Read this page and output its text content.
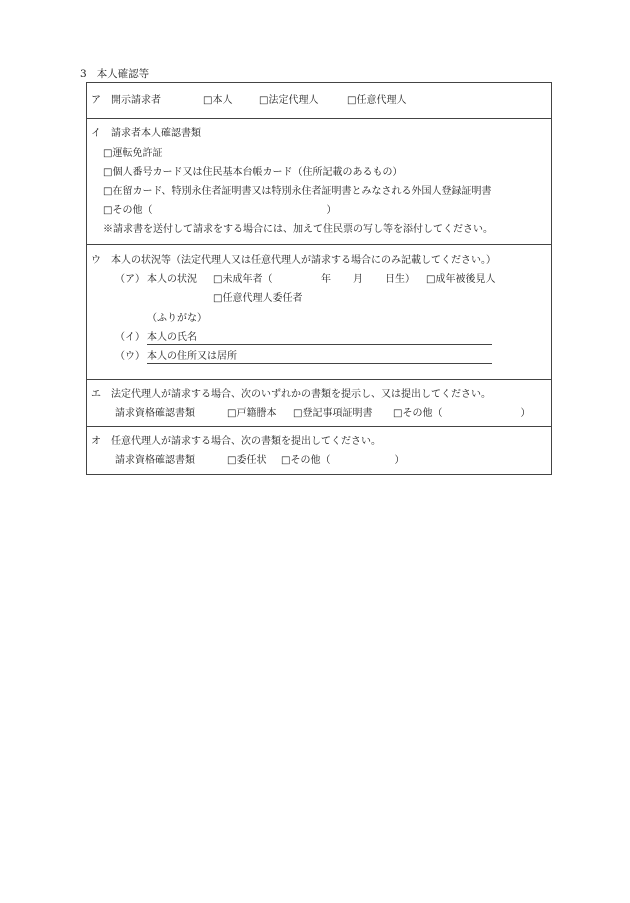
3 本人確認等
ア 開示請求者 □	本人 □	法定代理人 □	任意代理人
イ 請求者本人確認書類
□ 運転免許証
□ 個人番号カード又は住民基本台帳カード（住所記載のあるもの）
□ 在留カード、特別永住者証明書又は特別永住者証明書とみなされる外国人登録証明書
□ その他（	）
※請求書を送付して請求をする場合には、加えて住民票の写し等を添付してください。
ウ 本人の状況等（法定代理人又は任意代理人が請求する場合にのみ記載してください。）
（ア） 本人の状況 □	未成年者（	年 月 日生） □	成年被後見人
□ 任意代理人委任者
（ふりがな）
（イ） 本人の氏名
（ウ） 本人の住所又は居所
エ 法定代理人が請求する場合、次のいずれかの書類を提示し、又は提出してください。
請求資格確認書類 □	戸籍謄本 □	登記事項証明書 □	その他（	）
オ 任意代理人が請求する場合、次の書類を提出してください。
請求資格確認書類 □	委任状 □	その他（	）
